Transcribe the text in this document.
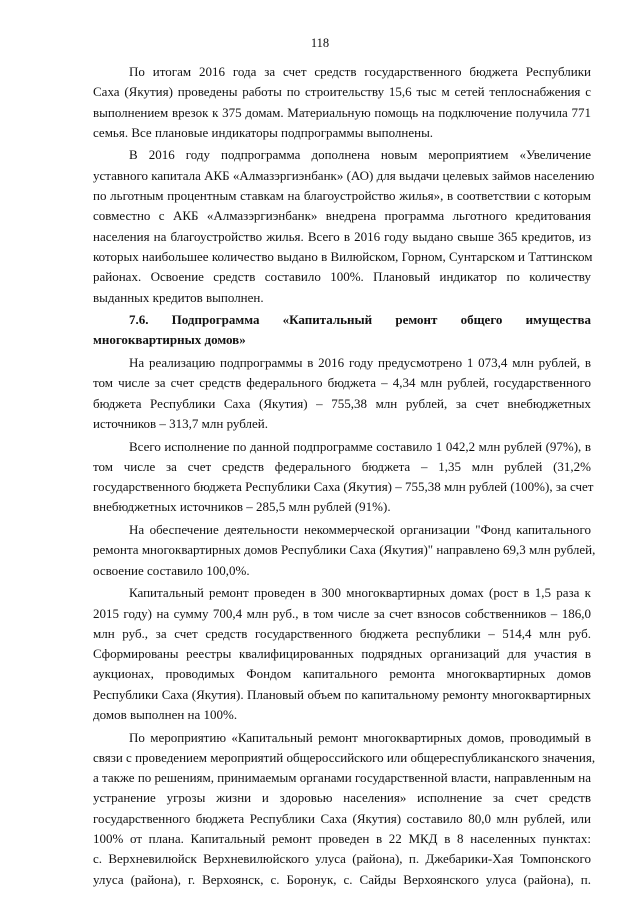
118
По итогам 2016 года за счет средств государственного бюджета Республики
Саха (Якутия) проведены работы по строительству 15,6 тыс м сетей теплоснабжения с
выполнением врезок к 375 домам. Материальную помощь на подключение получила 771
семья. Все плановые индикаторы подпрограммы выполнены.
В 2016 году подпрограмма дополнена новым мероприятием «Увеличение
уставного капитала АКБ «Алмазэргиэнбанк» (АО) для выдачи целевых займов населению
по льготным процентным ставкам на благоустройство жилья», в соответствии с которым
совместно с АКБ «Алмазэргиэнбанк» внедрена программа льготного кредитования
населения на благоустройство жилья. Всего в 2016 году выдано свыше 365 кредитов, из
которых наибольшее количество выдано в Вилюйском, Горном, Сунтарском и Таттинском
районах. Освоение средств составило 100%. Плановый индикатор по количеству
выданных кредитов выполнен.
7.6. Подпрограмма «Капитальный ремонт общего имущества
многоквартирных домов»
На реализацию подпрограммы в 2016 году предусмотрено 1 073,4 млн рублей, в
том числе за счет средств федерального бюджета – 4,34 млн рублей, государственного
бюджета Республики Саха (Якутия) – 755,38 млн рублей, за счет внебюджетных
источников – 313,7 млн рублей.
Всего исполнение по данной подпрограмме составило 1 042,2 млн рублей (97%), в
том числе за счет средств федерального бюджета – 1,35 млн рублей (31,2%
государственного бюджета Республики Саха (Якутия) – 755,38 млн рублей (100%), за счет
внебюджетных источников – 285,5 млн рублей (91%).
На обеспечение деятельности некоммерческой организации "Фонд капитального
ремонта многоквартирных домов Республики Саха (Якутия)" направлено 69,3 млн рублей,
освоение составило 100,0%.
Капитальный ремонт проведен в 300 многоквартирных домах (рост в 1,5 раза к
2015 году) на сумму 700,4 млн руб., в том числе за счет взносов собственников – 186,0
млн руб., за счет средств государственного бюджета республики – 514,4 млн руб.
Сформированы реестры квалифицированных подрядных организаций для участия в
аукционах, проводимых Фондом капитального ремонта многоквартирных домов
Республики Саха (Якутия). Плановый объем по капитальному ремонту многоквартирных
домов выполнен на 100%.
По мероприятию «Капитальный ремонт многоквартирных домов, проводимый в
связи с проведением мероприятий общероссийского или общереспубликанского значения,
а также по решениям, принимаемым органами государственной власти, направленным на
устранение угрозы жизни и здоровью населения» исполнение за счет средств
государственного бюджета Республики Саха (Якутия) составило 80,0 млн рублей, или
100% от плана. Капитальный ремонт проведен в 22 МКД в 8 населенных пунктах:
с. Верхневилюйск Верхневилюйского улуса (района), п. Джебарики-Хая Томпонского
улуса (района), г. Верхоянск, с. Боронук, с. Сайды Верхоянского улуса (района), п.
